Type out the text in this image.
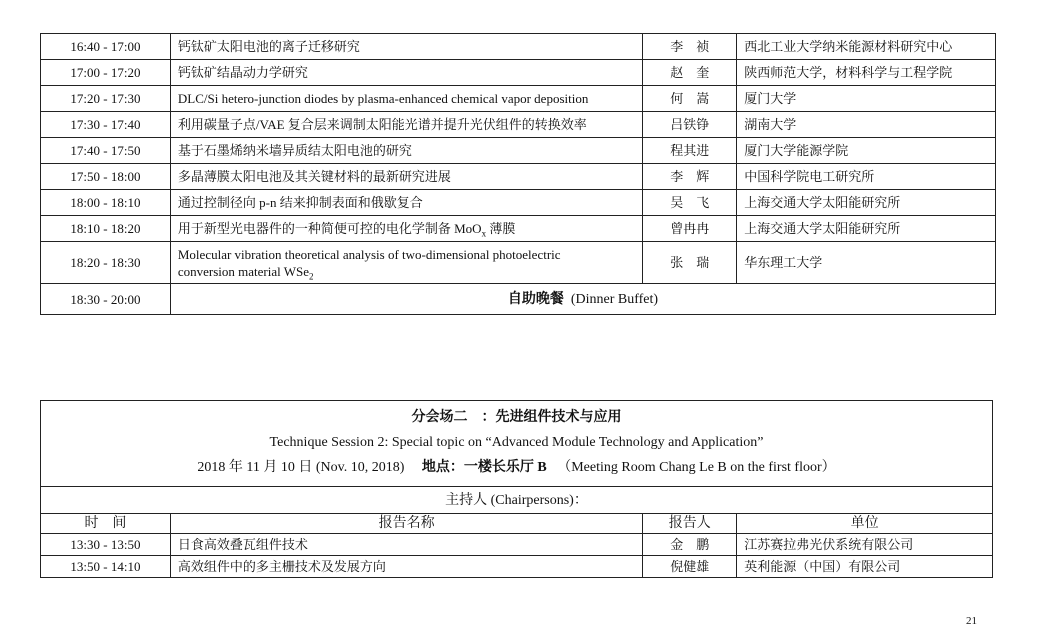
16:40 - 17:00	钙钛矿太阳电池的离子迁移研究	李　祯	西北工业大学纳米能源材料研究中心
17:00 - 17:20	钙钛矿结晶动力学研究	赵　奎	陕西师范大学，材料科学与工程学院
17:20 - 17:30	DLC/Si hetero-junction diodes by plasma-enhanced chemical vapor deposition	何　嵩	厦门大学
17:30 - 17:40	利用碳量子点/VAE 复合层来调制太阳能光谱并提升光伏组件的转换效率	吕铁铮	湖南大学
17:40 - 17:50	基于石墨烯纳米墙异质结太阳电池的研究	程其进	厦门大学能源学院
17:50 - 18:00	多晶薄膜太阳电池及其关键材料的最新研究进展	李　辉	中国科学院电工研究所
18:00 - 18:10	通过控制径向 p-n 结来抑制表面和俄歇复合	吴　飞	上海交通大学太阳能研究所
18:10 - 18:20	用于新型光电器件的一种简便可控的电化学制备 MoO$_x$ 薄膜	曾冉冉	上海交通大学太阳能研究所
18:20 - 18:30	Molecular vibration theoretical analysis of two-dimensional photoelectric
conversion material WSe$_2$	张　瑞	华东理工大学
18:30 - 20:00	自助晚餐 (Dinner Buffet)		
分会场二　：先进组件技术与应用
Technique Session 2: Special topic on “Advanced Module Technology and Application”
2018 年 11 月 10 日 (Nov. 10, 2018) 地点：一楼长乐厅 B （Meeting Room Chang Le B on the first floor）			

主持人 (Chairpersons)：			
时　间	报告名称	报告人	单位
13:30 - 13:50	日食高效叠瓦组件技术	金　鹏	江苏赛拉弗光伏系统有限公司
13:50 - 14:10	高效组件中的多主栅技术及发展方向	倪健雄	英利能源（中国）有限公司
21
